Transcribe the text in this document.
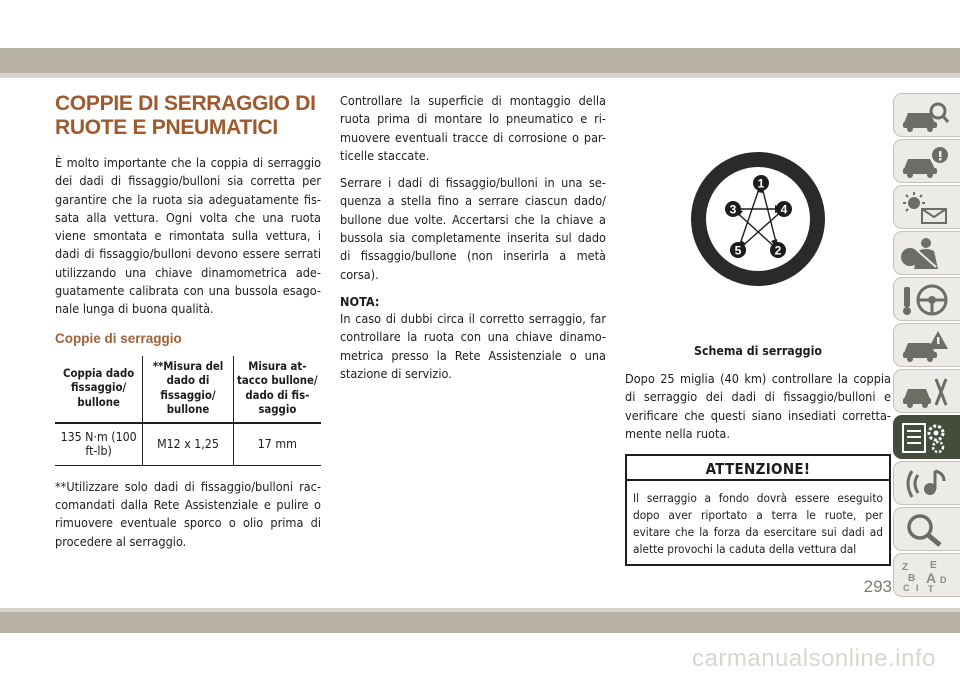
COPPIE DI SERRAGGIO DI RUOTE E PNEUMATICI

È molto importante che la coppia di serraggio dei dadi di fissaggio/bulloni sia corretta per garantire che la ruota sia adeguatamente fis-sata alla vettura. Ogni volta che una ruota viene smontata e rimontata sulla vettura, i dadi di fissaggio/bulloni devono essere serrati utilizzando una chiave dinamometrica ade-guatamente calibrata con una bussola esago-nale lunga di buona qualità.

Coppie di serraggio
Coppia dado fissaggio/ bullone	**Misura del dado di fissaggio/ bullone	Misura at-tacco bullone/ dado di fis-saggio
135 N·m (100 ft-lb)	M12 x 1,25	17 mm

**Utilizzare solo dadi di fissaggio/bulloni rac-comandati dalla Rete Assistenziale e pulire o rimuovere eventuale sporco o olio prima di procedere al serraggio.

Controllare la superficie di montaggio della ruota prima di montare lo pneumatico e ri-muovere eventuali tracce di corrosione o par-ticelle staccate.

Serrare i dadi di fissaggio/bulloni in una se-quenza a stella fino a serrare ciascun dado/ bullone due volte. Accertarsi che la chiave a bussola sia completamente inserita sul dado di fissaggio/bullone (non inserirla a metà corsa).

NOTA:

In caso di dubbi circa il corretto serraggio, far controllare la ruota con una chiave dinamo-metrica presso la Rete Assistenziale o una stazione di servizio.

1
2
3	4
5
Schema di serraggio

Dopo 25 miglia (40 km) controllare la coppia di serraggio dei dadi di fissaggio/bulloni e verificare che questi siano insediati corretta-mente nella ruota.

ATTENZIONE!
Il serraggio a fondo dovrà essere eseguito dopo aver riportato a terra le ruote, per evitare che la forza da esercitare sui dadi ad alette provochi la caduta della vettura dal
Z E
B A D
C T
I
293
carmanualsonline.info
